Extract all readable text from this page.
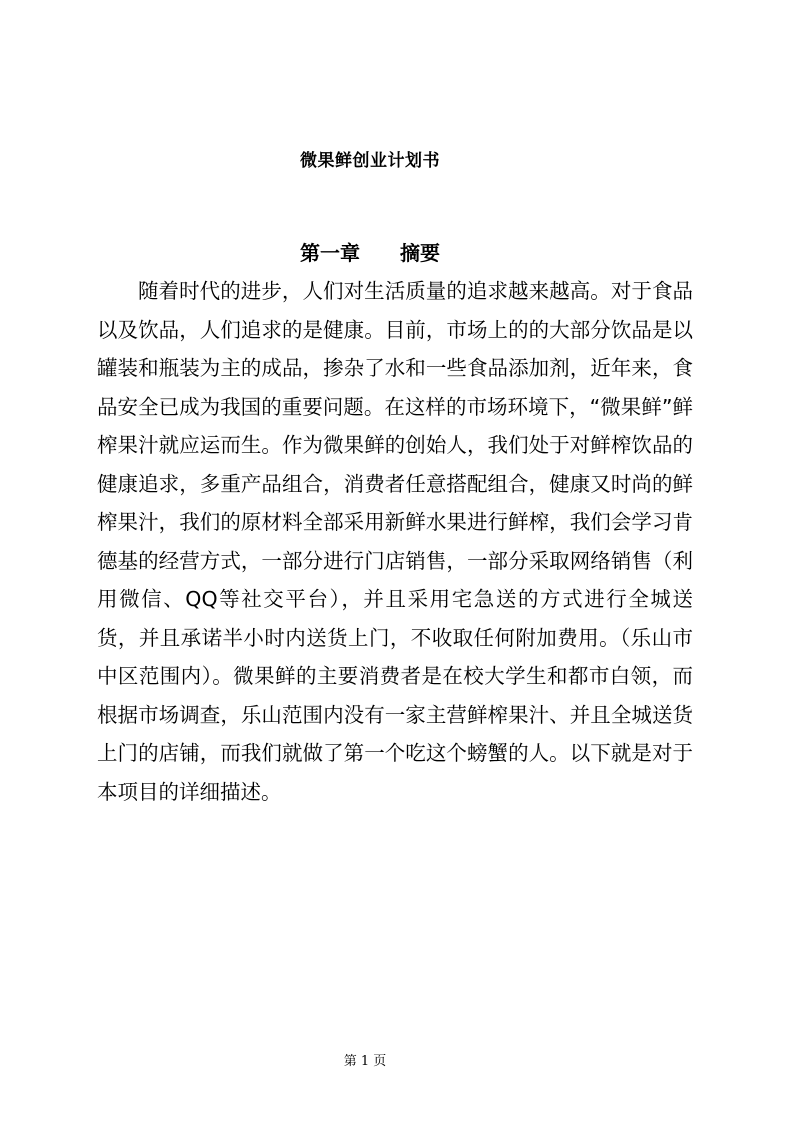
微果鲜创业计划书
第一章 摘要

随着时代的进步，人们对生活质量的追求越来越高。对于食品以及饮品，人们追求的是健康。目前，市场上的的大部分饮品是以罐装和瓶装为主的成品，掺杂了水和一些食品添加剂，近年来，食品安全已成为我国的重要问题。在这样的市场环境下，“微果鲜”鲜榨果汁就应运而生。作为微果鲜的创始人，我们处于对鲜榨饮品的健康追求，多重产品组合，消费者任意搭配组合，健康又时尚的鲜榨果汁，我们的原材料全部采用新鲜水果进行鲜榨，我们会学习肯德基的经营方式，一部分进行门店销售，一部分采取网络销售（利用微信、QQ等社交平台），并且采用宅急送的方式进行全城送货，并且承诺半小时内送货上门，不收取任何附加费用。（乐山市中区范围内）。微果鲜的主要消费者是在校大学生和都市白领，而根据市场调查，乐山范围内没有一家主营鲜榨果汁、并且全城送货上门的店铺，而我们就做了第一个吃这个螃蟹的人。以下就是对于本项目的详细描述。

第 1 页
